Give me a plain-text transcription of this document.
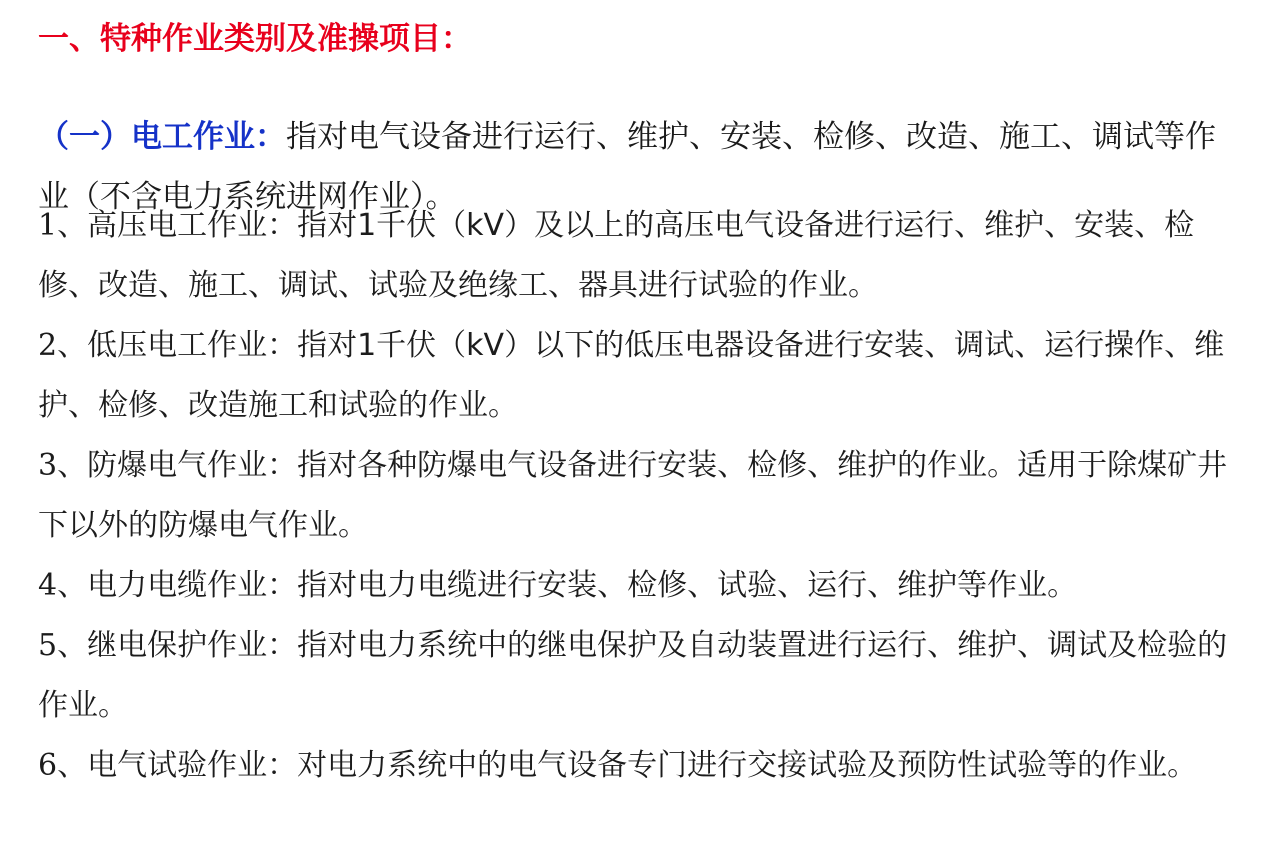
一、特种作业类别及准操项目：

（一）电工作业：指对电气设备进行运行、维护、安装、检修、改造、施工、调试等作业（不含电力系统进网作业）。

1、高压电工作业：指对1千伏（kV）及以上的高压电气设备进行运行、维护、安装、检修、改造、施工、调试、试验及绝缘工、器具进行试验的作业。

2、低压电工作业：指对1千伏（kV）以下的低压电器设备进行安装、调试、运行操作、维护、检修、改造施工和试验的作业。

3、防爆电气作业：指对各种防爆电气设备进行安装、检修、维护的作业。适用于除煤矿井下以外的防爆电气作业。

4、电力电缆作业：指对电力电缆进行安装、检修、试验、运行、维护等作业。

5、继电保护作业：指对电力系统中的继电保护及自动装置进行运行、维护、调试及检验的作业。

6、电气试验作业：对电力系统中的电气设备专门进行交接试验及预防性试验等的作业。
